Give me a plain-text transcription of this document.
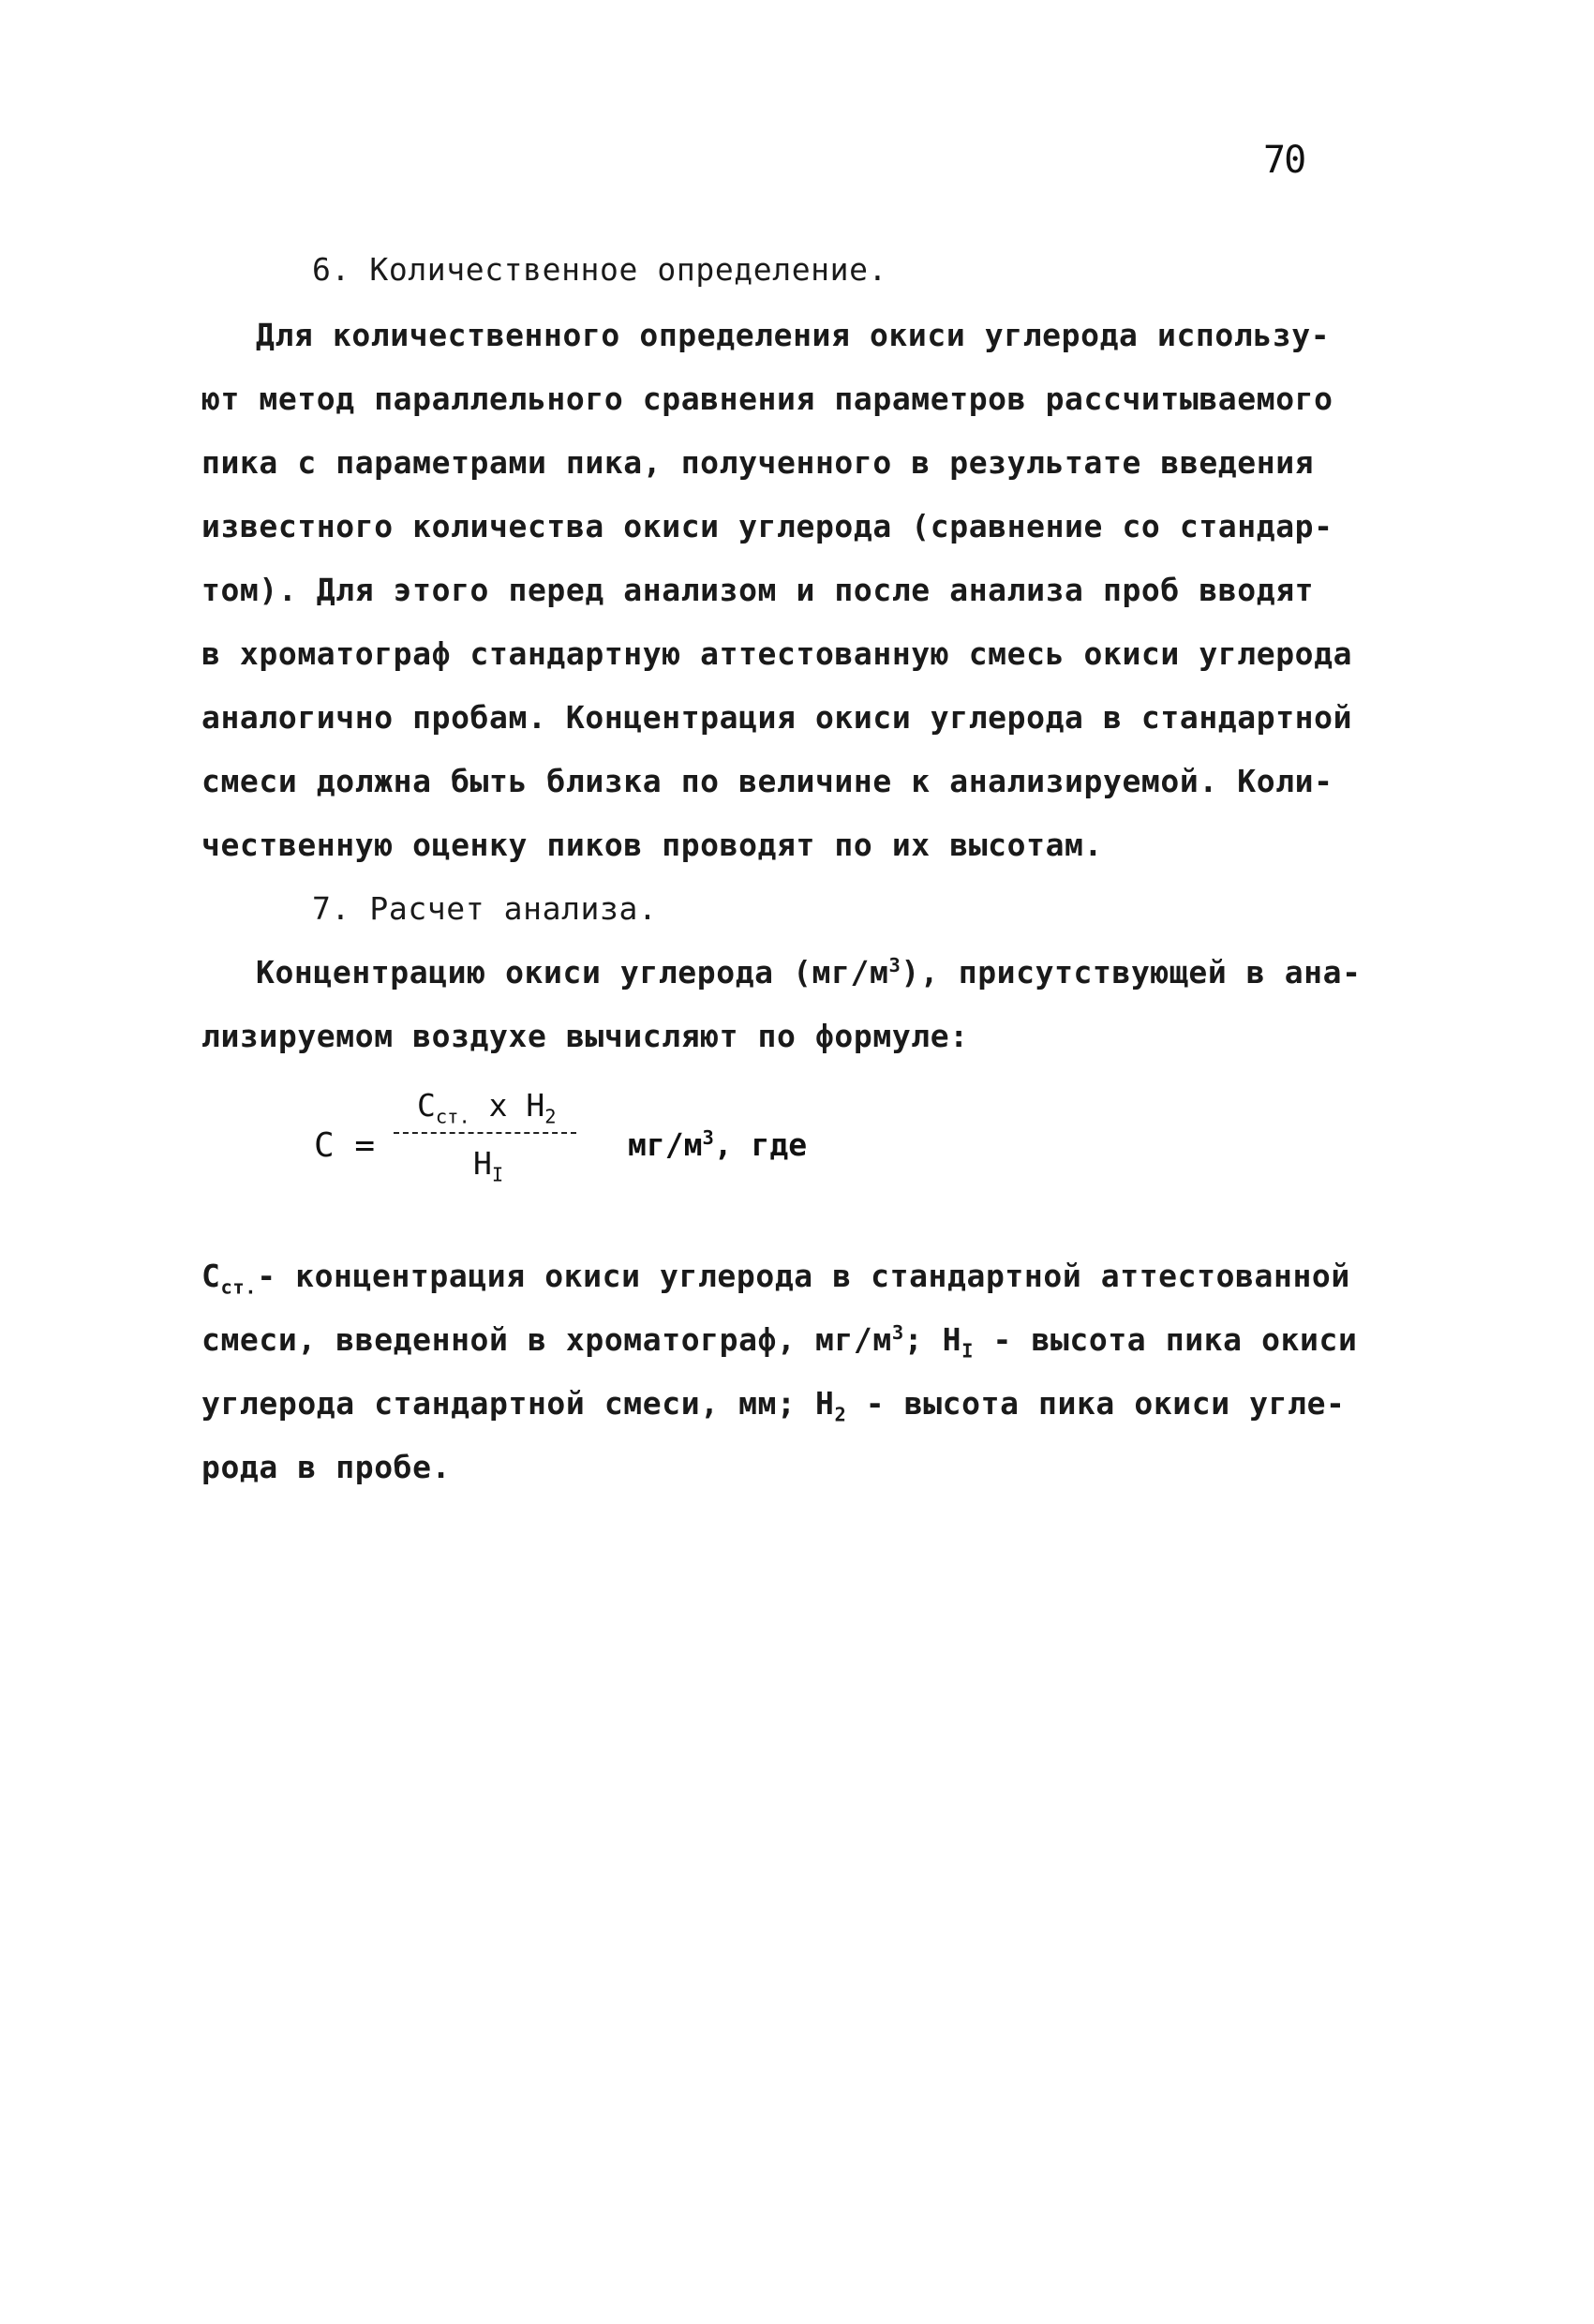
70
6. Количественное определение.
Для количественного определения окиси углерода использу-
ют метод параллельного сравнения параметров рассчитываемого
пика с параметрами пика, полученного в результате введения
известного количества окиси углерода (сравнение со стандар-
том). Для этого перед анализом и после анализа проб вводят
в хроматограф стандартную аттестованную смесь окиси углерода
аналогично пробам. Концентрация окиси углерода в стандартной
смеси должна быть близка по величине к анализируемой. Коли-
чественную оценку пиков проводят по их высотам.
7. Расчет анализа.
Концентрацию окиси углерода $(мг/м^3)$, присутствующей в ана-
лизируемом воздухе вычисляют по формуле:
C =
$C_{ст.}$ x $H_2$
$H_I$
$мг/м^3$, где
$C_{ст.}-$ концентрация окиси углерода в стандартной аттестованной
смеси, введенной в хроматограф, $мг/м^3$; $H_I$ - высота пика окиси
углерода стандартной смеси, мм; $H_2$ - высота пика окиси угле-
рода в пробе.
